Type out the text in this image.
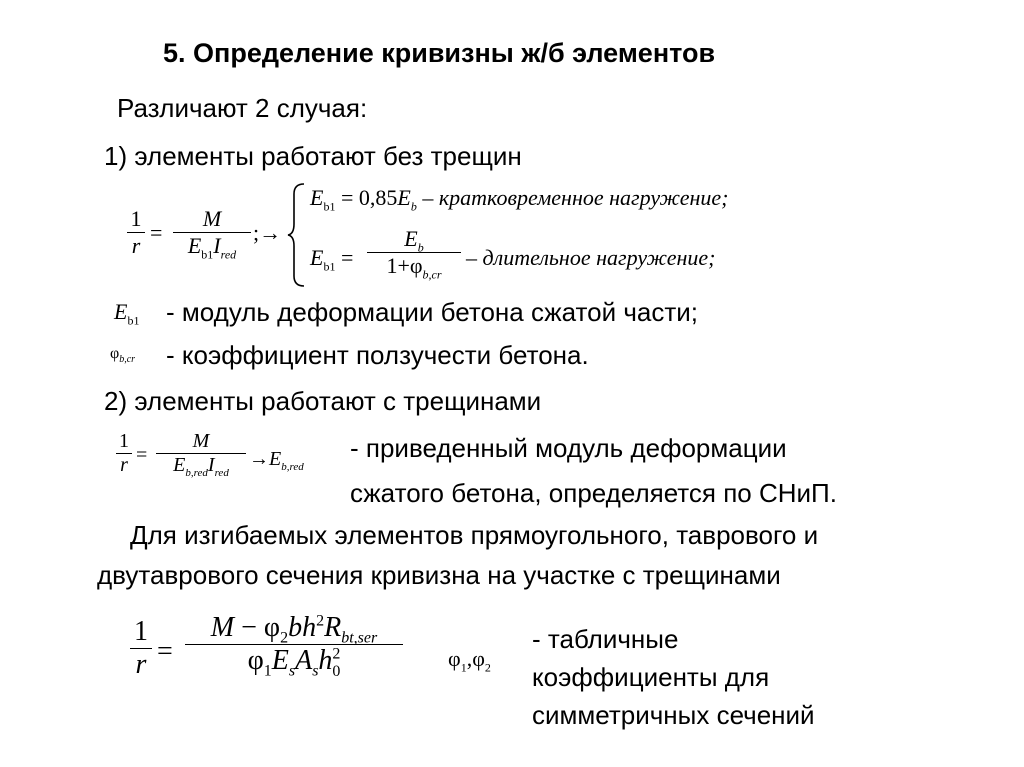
5. Определение кривизны ж/б элементов
Различают 2 случая:
1) элементы работают без трещин
1
r
=
M
$E_{b1}I_{red}$
;→
$E_{b1} = 0,85E_b$ – кратковременное нагружение;
$E_{b1}$ =
$E_b$
$1+\varphi_{b,cr}$
– длительное нагружение;
$E_{b1}$ - модуль деформации бетона сжатой части;
$\varphi_{b,cr}$ - коэффициент ползучести бетона.
2) элементы работают с трещинами
1
r =
M
$E_{b,red}I_{red}$
$\to E_{b,red}$
- приведенный модуль деформации
сжатого бетона, определяется по СНиП.
Для изгибаемых элементов прямоугольного, таврового и
двутаврового сечения кривизна на участке с трещинами
1
r =
$M - \varphi_2bh^2R_{bt,ser}$
$\varphi_1E_sA_sh^2_0$
$\varphi_1,\varphi_2$
- табличные
коэффициенты для
симметричных сечений
